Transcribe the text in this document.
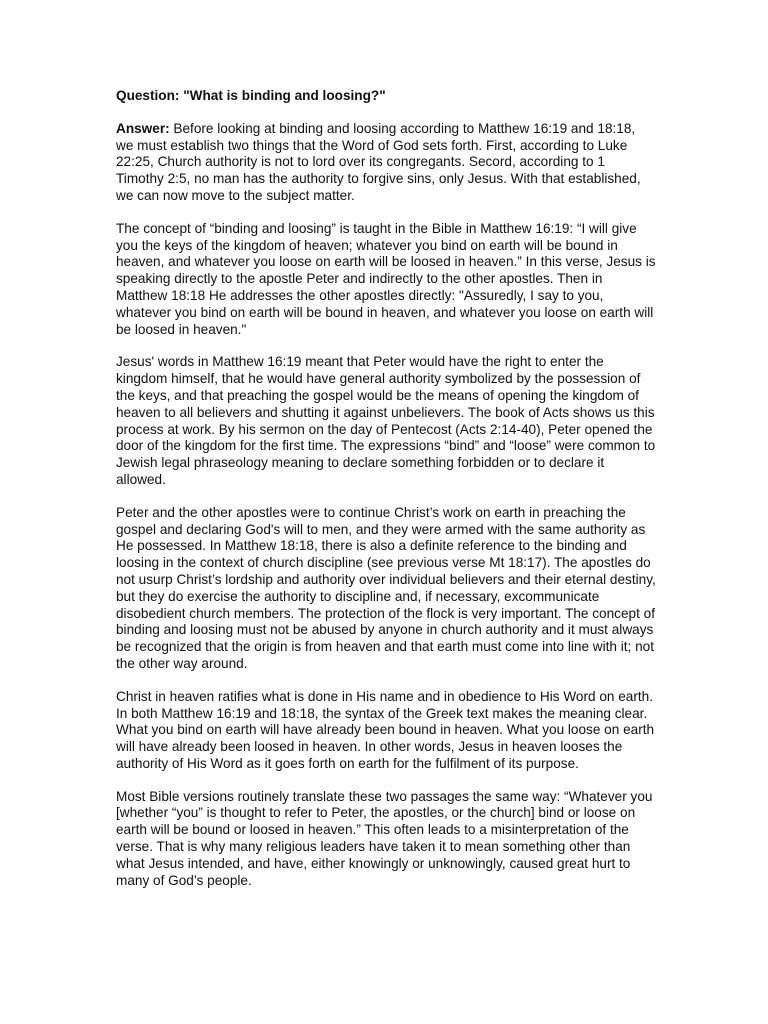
Question: "What is binding and loosing?"

Answer: Before looking at binding and loosing according to Matthew 16:19 and 18:18, we must establish two things that the Word of God sets forth. First, according to Luke 22:25, Church authority is not to lord over its congregants. Secord, according to 1 Timothy 2:5, no man has the authority to forgive sins, only Jesus. With that established, we can now move to the subject matter.

The concept of “binding and loosing” is taught in the Bible in Matthew 16:19: “I will give you the keys of the kingdom of heaven; whatever you bind on earth will be bound in heaven, and whatever you loose on earth will be loosed in heaven.” In this verse, Jesus is speaking directly to the apostle Peter and indirectly to the other apostles. Then in Matthew 18:18 He addresses the other apostles directly: "Assuredly, I say to you, whatever you bind on earth will be bound in heaven, and whatever you loose on earth will be loosed in heaven."

Jesus' words in Matthew 16:19 meant that Peter would have the right to enter the kingdom himself, that he would have general authority symbolized by the possession of the keys, and that preaching the gospel would be the means of opening the kingdom of heaven to all believers and shutting it against unbelievers. The book of Acts shows us this process at work. By his sermon on the day of Pentecost (Acts 2:14-40), Peter opened the door of the kingdom for the first time. The expressions “bind” and “loose” were common to Jewish legal phraseology meaning to declare something forbidden or to declare it allowed.

Peter and the other apostles were to continue Christ’s work on earth in preaching the gospel and declaring God's will to men, and they were armed with the same authority as He possessed. In Matthew 18:18, there is also a definite reference to the binding and loosing in the context of church discipline (see previous verse Mt 18:17). The apostles do not usurp Christ’s lordship and authority over individual believers and their eternal destiny, but they do exercise the authority to discipline and, if necessary, excommunicate disobedient church members. The protection of the flock is very important. The concept of binding and loosing must not be abused by anyone in church authority and it must always be recognized that the origin is from heaven and that earth must come into line with it; not the other way around.

Christ in heaven ratifies what is done in His name and in obedience to His Word on earth. In both Matthew 16:19 and 18:18, the syntax of the Greek text makes the meaning clear. What you bind on earth will have already been bound in heaven. What you loose on earth will have already been loosed in heaven. In other words, Jesus in heaven looses the authority of His Word as it goes forth on earth for the fulfilment of its purpose.

Most Bible versions routinely translate these two passages the same way: “Whatever you [whether “you” is thought to refer to Peter, the apostles, or the church] bind or loose on earth will be bound or loosed in heaven.” This often leads to a misinterpretation of the verse. That is why many religious leaders have taken it to mean something other than what Jesus intended, and have, either knowingly or unknowingly, caused great hurt to many of God’s people.
